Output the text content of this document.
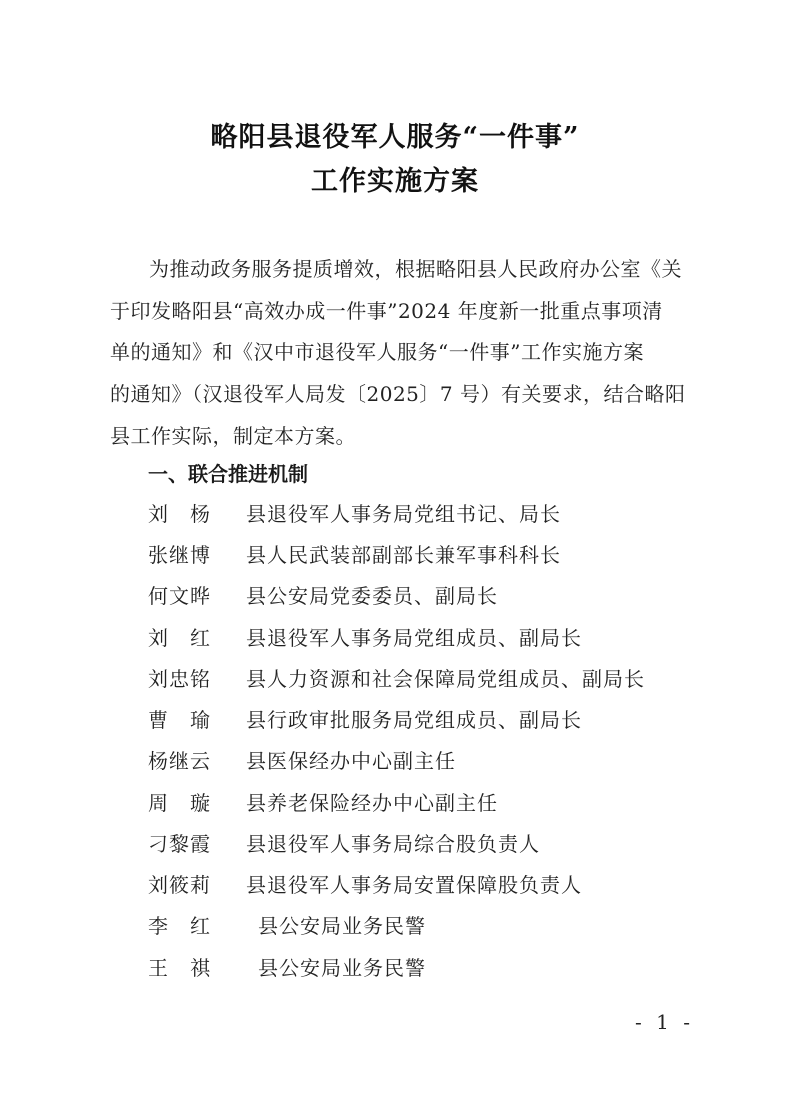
略阳县退役军人服务“一件事”
工作实施方案
为推动政务服务提质增效，根据略阳县人民政府办公室《关
于印发略阳县“高效办成一件事”2024 年度新一批重点事项清
单的通知》和《汉中市退役军人服务“一件事”工作实施方案
的通知》（汉退役军人局发〔2025〕7 号）有关要求，结合略阳
县工作实际，制定本方案。
一、联合推进机制
刘　杨 县退役军人事务局党组书记、局长
张继博 县人民武装部副部长兼军事科科长
何文晔 县公安局党委委员、副局长
刘　红 县退役军人事务局党组成员、副局长
刘忠铭 县人力资源和社会保障局党组成员、副局长
曹　瑜 县行政审批服务局党组成员、副局长
杨继云 县医保经办中心副主任
周　璇 县养老保险经办中心副主任
刁黎霞 县退役军人事务局综合股负责人
刘筱莉 县退役军人事务局安置保障股负责人
李　红 县公安局业务民警
王　祺 县公安局业务民警
- 1 -
